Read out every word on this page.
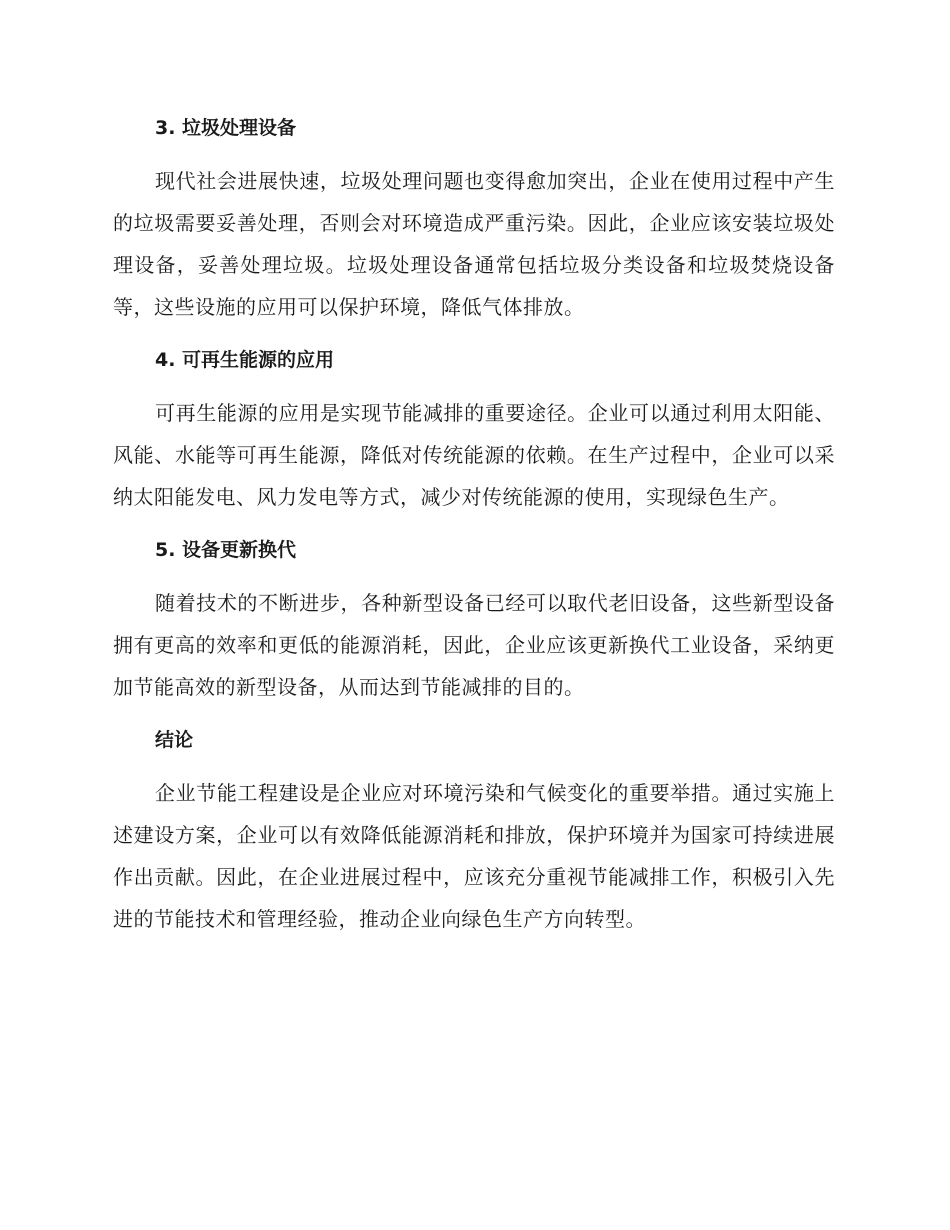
3. 垃圾处理设备

现代社会进展快速，垃圾处理问题也变得愈加突出，企业在使用过程中产生的垃圾需要妥善处理，否则会对环境造成严重污染。因此，企业应该安装垃圾处理设备，妥善处理垃圾。垃圾处理设备通常包括垃圾分类设备和垃圾焚烧设备等，这些设施的应用可以保护环境，降低气体排放。

4. 可再生能源的应用

可再生能源的应用是实现节能减排的重要途径。企业可以通过利用太阳能、风能、水能等可再生能源，降低对传统能源的依赖。在生产过程中，企业可以采纳太阳能发电、风力发电等方式，减少对传统能源的使用，实现绿色生产。

5. 设备更新换代

随着技术的不断进步，各种新型设备已经可以取代老旧设备，这些新型设备拥有更高的效率和更低的能源消耗，因此，企业应该更新换代工业设备，采纳更加节能高效的新型设备，从而达到节能减排的目的。

结论

企业节能工程建设是企业应对环境污染和气候变化的重要举措。通过实施上述建设方案，企业可以有效降低能源消耗和排放，保护环境并为国家可持续进展作出贡献。因此，在企业进展过程中，应该充分重视节能减排工作，积极引入先进的节能技术和管理经验，推动企业向绿色生产方向转型。
